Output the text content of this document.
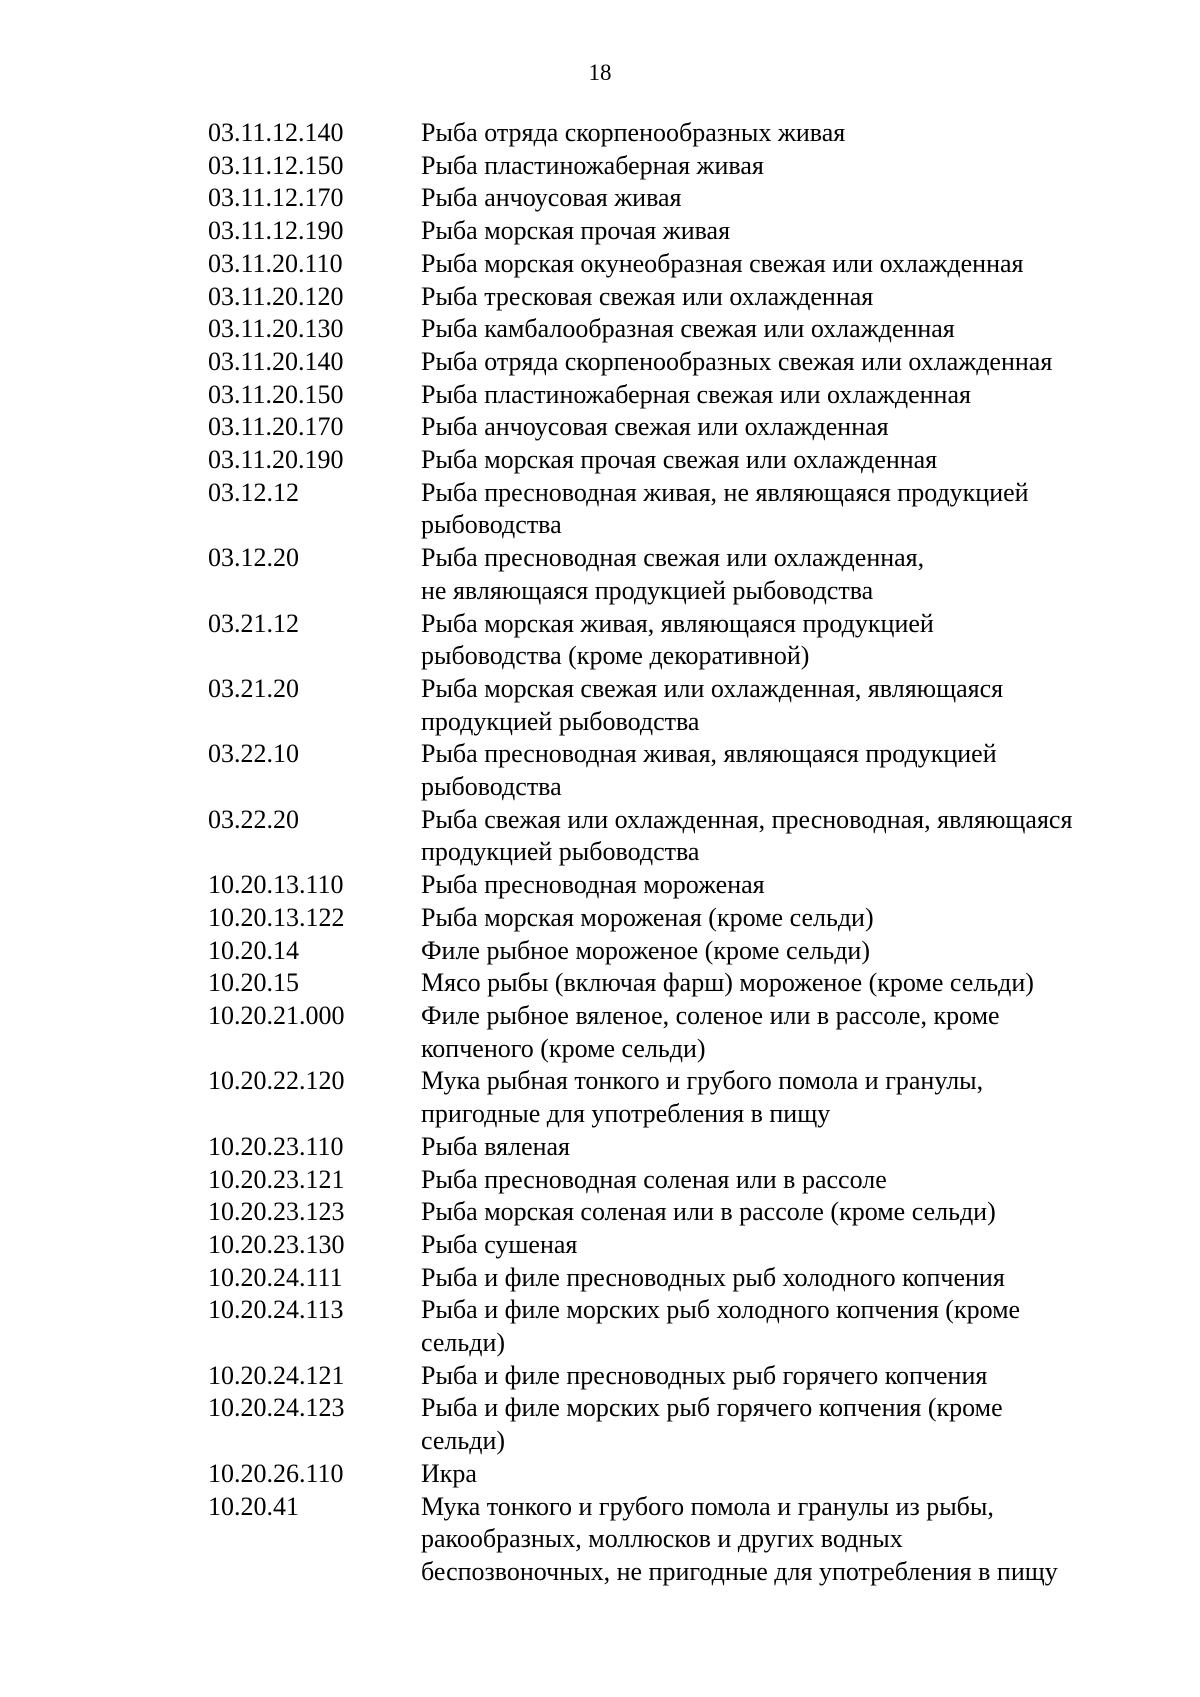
18
03.11.12.140	Рыба отряда скорпенообразных живая
03.11.12.150	Рыба пластиножаберная живая
03.11.12.170	Рыба анчоусовая живая
03.11.12.190	Рыба морская прочая живая
03.11.20.110	Рыба морская окунеобразная свежая или охлажденная
03.11.20.120	Рыба тресковая свежая или охлажденная
03.11.20.130	Рыба камбалообразная свежая или охлажденная
03.11.20.140	Рыба отряда скорпенообразных свежая или охлажденная
03.11.20.150	Рыба пластиножаберная свежая или охлажденная
03.11.20.170	Рыба анчоусовая свежая или охлажденная
03.11.20.190	Рыба морская прочая свежая или охлажденная
03.12.12	Рыба пресноводная живая, не являющаяся продукцией
рыбоводства
03.12.20	Рыба пресноводная свежая или охлажденная,
не являющаяся продукцией рыбоводства
03.21.12	Рыба морская живая, являющаяся продукцией
рыбоводства (кроме декоративной)
03.21.20	Рыба морская свежая или охлажденная, являющаяся
продукцией рыбоводства
03.22.10	Рыба пресноводная живая, являющаяся продукцией
рыбоводства
03.22.20	Рыба свежая или охлажденная, пресноводная, являющаяся
продукцией рыбоводства
10.20.13.110	Рыба пресноводная мороженая
10.20.13.122	Рыба морская мороженая (кроме сельди)
10.20.14	Филе рыбное мороженое (кроме сельди)
10.20.15	Мясо рыбы (включая фарш) мороженое (кроме сельди)
10.20.21.000	Филе рыбное вяленое, соленое или в рассоле, кроме
копченого (кроме сельди)
10.20.22.120	Мука рыбная тонкого и грубого помола и гранулы,
пригодные для употребления в пищу
10.20.23.110	Рыба вяленая
10.20.23.121	Рыба пресноводная соленая или в рассоле
10.20.23.123	Рыба морская соленая или в рассоле (кроме сельди)
10.20.23.130	Рыба сушеная
10.20.24.111	Рыба и филе пресноводных рыб холодного копчения
10.20.24.113	Рыба и филе морских рыб холодного копчения (кроме
сельди)
10.20.24.121	Рыба и филе пресноводных рыб горячего копчения
10.20.24.123	Рыба и филе морских рыб горячего копчения (кроме
сельди)
10.20.26.110	Икра
10.20.41	Мука тонкого и грубого помола и гранулы из рыбы,
ракообразных, моллюсков и других водных
беспозвоночных, не пригодные для употребления в пищу
